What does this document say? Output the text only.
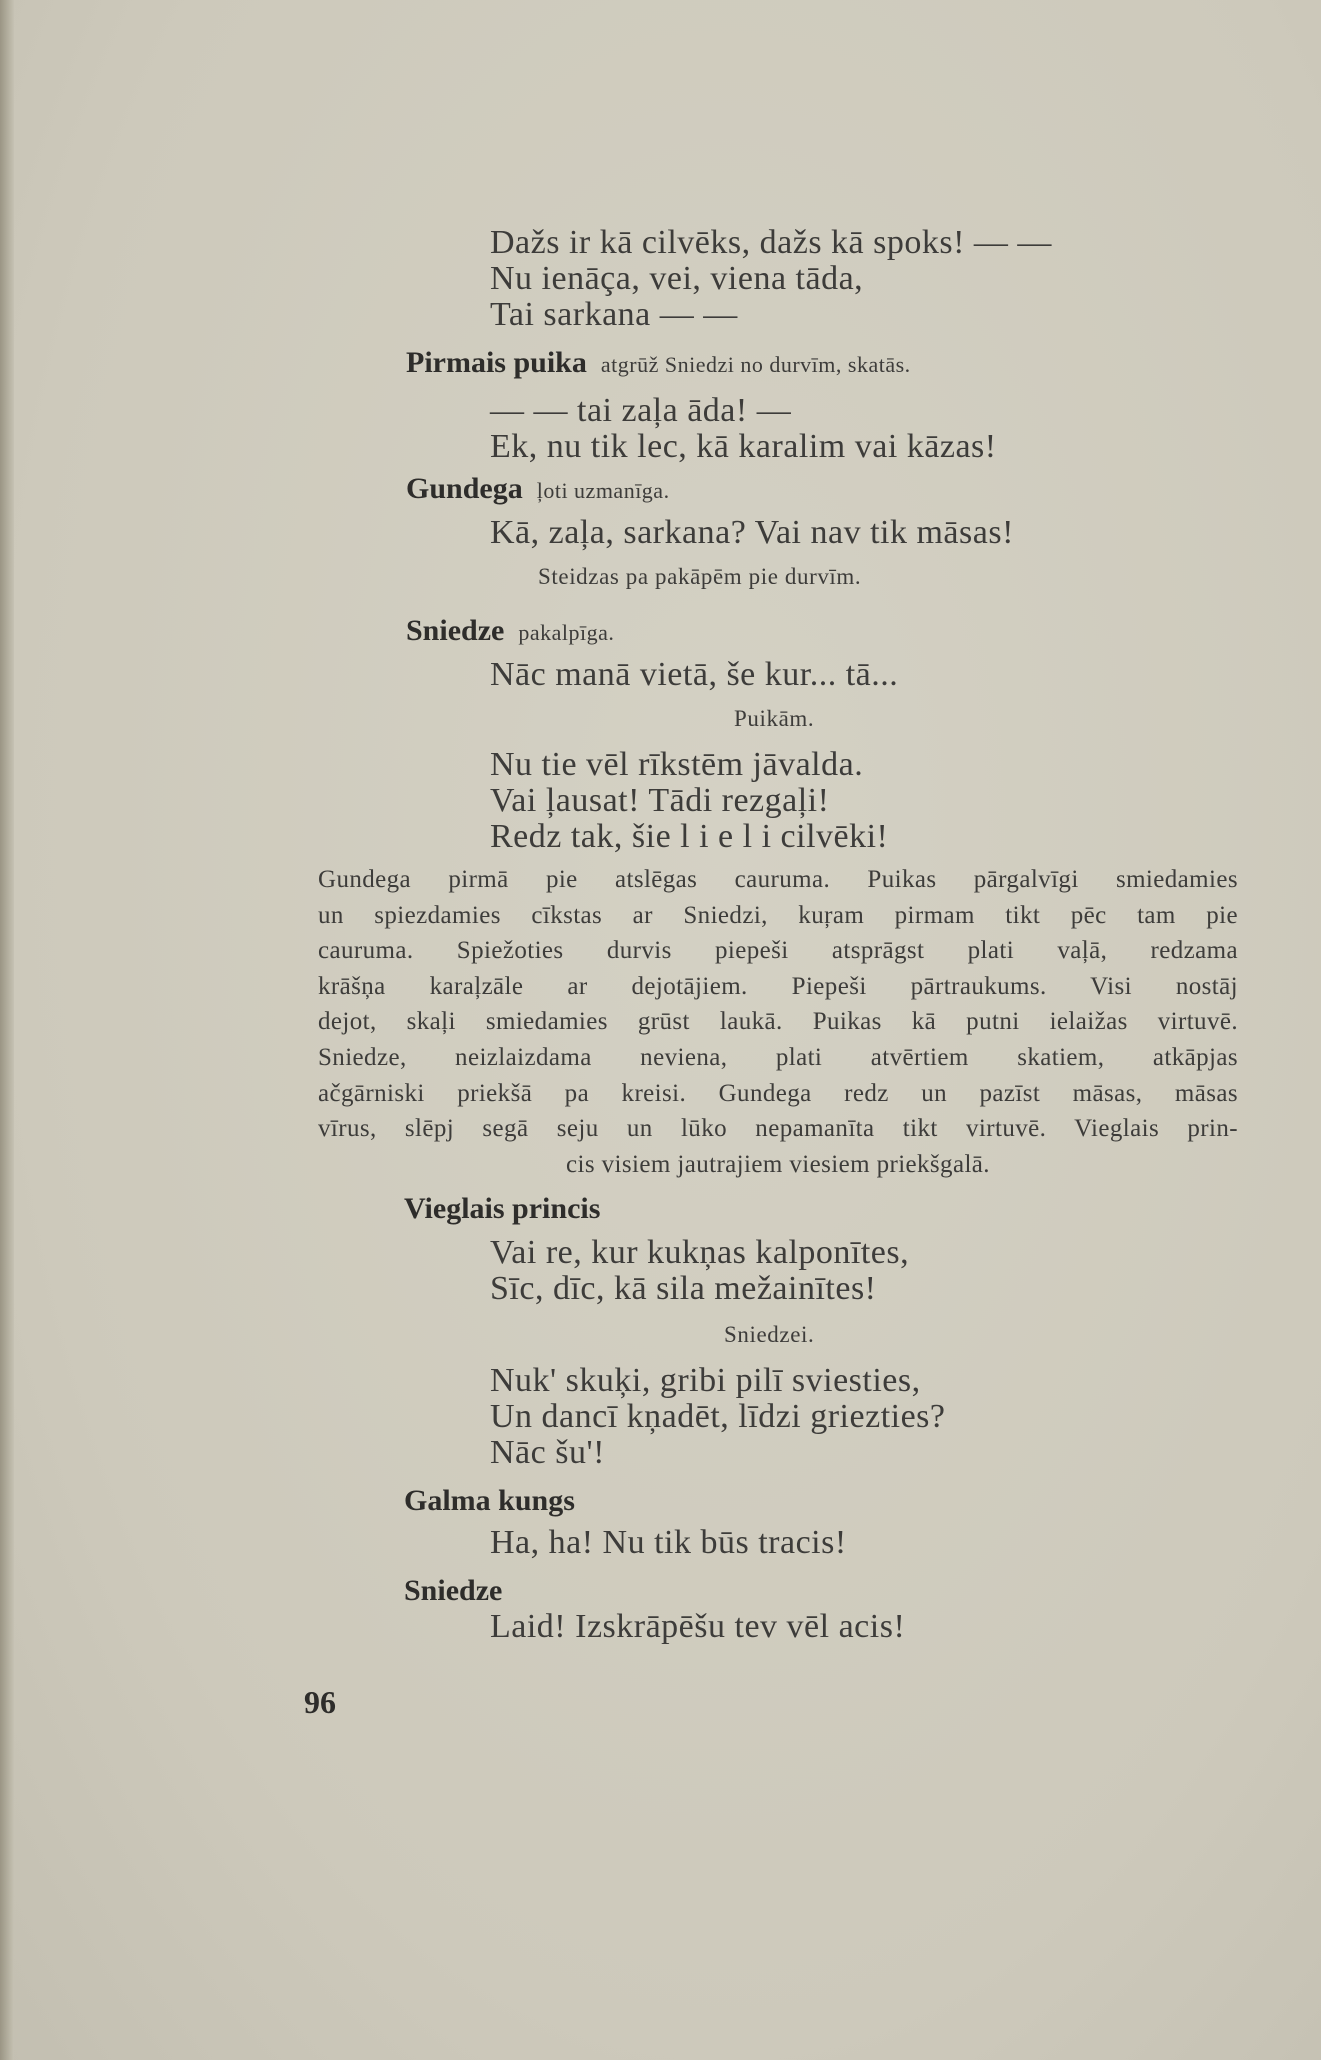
Dažs ir kā cilvēks, dažs kā spoks! — —
Nu ienāça, vei, viena tāda,
Tai sarkana — —
Pirmais puika atgrūž Sniedzi no durvīm, skatās.
— — tai zaļa āda! —
Ek, nu tik lec, kā karalim vai kāzas!
Gundega ļoti uzmanīga.
Kā, zaļa, sarkana? Vai nav tik māsas!
Steidzas pa pakāpēm pie durvīm.
Sniedze pakalpīga.
Nāc manā vietā, še kur... tā...
Puikām.
Nu tie vēl rīkstēm jāvalda.
Vai ļausat! Tādi rezgaļi!
Redz tak, šie l i e l i cilvēki!
Gundega pirmā pie atslēgas cauruma. Puikas pārgalvīgi smiedamies
un spiezdamies cīkstas ar Sniedzi, kuŗam pirmam tikt pēc tam pie
cauruma. Spiežoties durvis piepeši atsprāgst plati vaļā, redzama
krāšņa karaļzāle ar dejotājiem. Piepeši pārtraukums. Visi nostāj
dejot, skaļi smiedamies grūst laukā. Puikas kā putni ielaižas virtuvē.
Sniedze, neizlaizdama neviena, plati atvērtiem skatiem, atkāpjas
ačgārniski priekšā pa kreisi. Gundega redz un pazīst māsas, māsas
vīrus, slēpj segā seju un lūko nepamanīta tikt virtuvē. Vieglais prin-
cis visiem jautrajiem viesiem priekšgalā.
Vieglais princis
Vai re, kur kukņas kalponītes,
Sīc, dīc, kā sila mežainītes!
Sniedzei.
Nuk' skuķi, gribi pilī sviesties,
Un dancī kņadēt, līdzi griezties?
Nāc šu'!
Galma kungs
Ha, ha! Nu tik būs tracis!
Sniedze
Laid! Izskrāpēšu tev vēl acis!
96
